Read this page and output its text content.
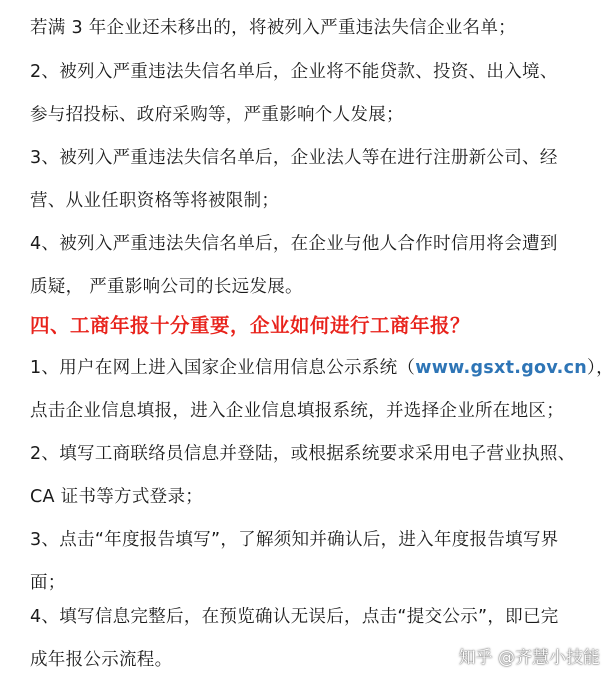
若满 3 年企业还未移出的，将被列入严重违法失信企业名单；
2、被列入严重违法失信名单后，企业将不能贷款、投资、出入境、
参与招投标、政府采购等，严重影响个人发展；
3、被列入严重违法失信名单后，企业法人等在进行注册新公司、经
营、从业任职资格等将被限制；
4、被列入严重违法失信名单后，在企业与他人合作时信用将会遭到
质疑， 严重影响公司的长远发展。
四、工商年报十分重要，企业如何进行工商年报？
1、用户在网上进入国家企业信用信息公示系统（www.gsxt.gov.cn），
点击企业信息填报，进入企业信息填报系统，并选择企业所在地区；
2、填写工商联络员信息并登陆，或根据系统要求采用电子营业执照、
CA 证书等方式登录；
3、点击“年度报告填写”，了解须知并确认后，进入年度报告填写界
面；
4、填写信息完整后，在预览确认无误后，点击“提交公示”，即已完
成年报公示流程。	知乎 @齐慧小技能
